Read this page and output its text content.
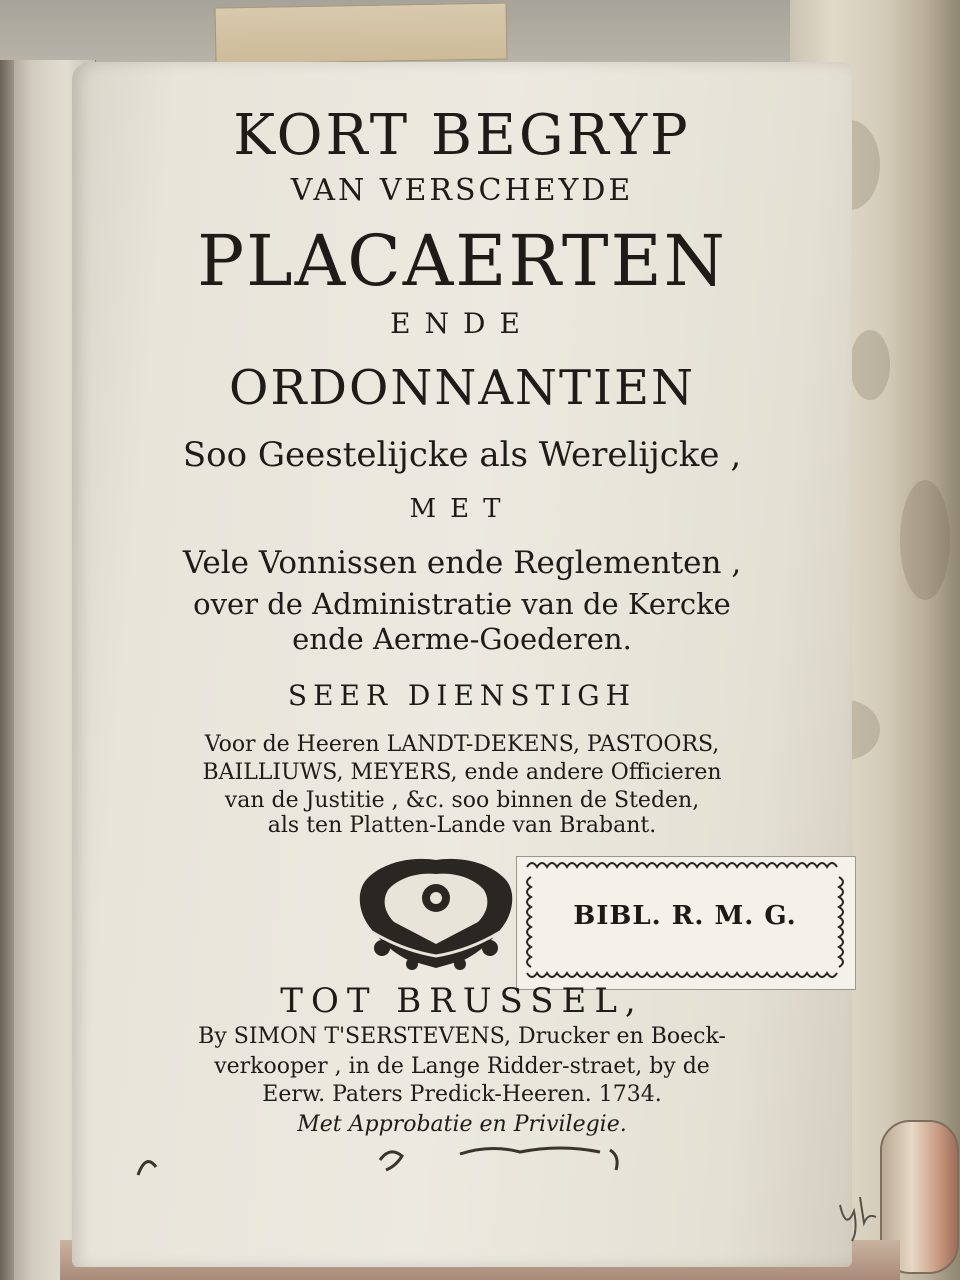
KORT BEGRYP
VAN VERSCHEYDE
PLACAERTEN
ENDE
ORDONNANTIEN
Soo Geestelijcke als Werelijcke ,
MET
Vele Vonnissen ende Reglementen ,
over de Administratie van de Kercke
ende Aerme-Goederen.
SEER DIENSTIGH
Voor de Heeren LANDT-DEKENS, PASTOORS,
BAILLIUWS, MEYERS, ende andere Officieren
van de Justitie , &c. soo binnen de Steden,
als ten Platten-Lande van Brabant.
BIBL. R. M. G.
TOT BRUSSEL,
By SIMON T'SERSTEVENS, Drucker en Boeck-
verkooper , in de Lange Ridder-straet, by de
Eerw. Paters Predick-Heeren. 1734.
Met Approbatie en Privilegie.
